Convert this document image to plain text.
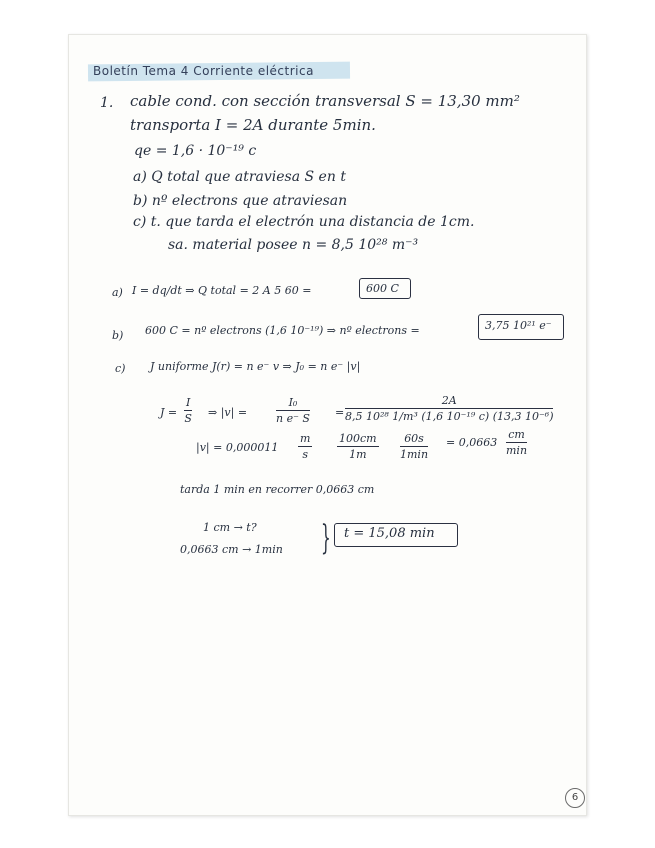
Boletín Tema 4 Corriente eléctrica
1. cable cond. con sección transversal S = 13,30 mm²
transporta I = 2A durante 5min.
qe = 1,6 · 10⁻¹⁹ c
a) Q total que atraviesa S en t
b) nº electrons que atraviesan
c) t. que tarda el electrón una distancia de 1cm.
sa. material posee n = 8,5 10²⁸ m⁻³
a) I = dq/dt ⇒ Q total = 2 A 5 60 =	600 C
b) 600 C = nº electrons (1,6 10⁻¹⁹) ⇒ nº electrons =	3,75 10²¹ e⁻
c) J uniforme J(r) = n e⁻ v ⇒ J₀ = n e⁻ |v|
$J = \frac{I}{S}$ ⇒ |v| =	$\frac{\text{I₀}}{\text{n e⁻ S}} = \frac{2A}{\text{8,5 10²⁸ 1/m³ (1,6 10⁻¹⁹ c) (13,3 10⁻⁶)}}$
$|v| = 0,000011 \frac{m}{s} \frac{100cm}{1m}$	60s
1min
= 0,0663
cm
min
tarda 1 min en recorrer 0,0663 cm
1 cm → t?
0,0663 cm → 1min } t = 15,08 min
6
